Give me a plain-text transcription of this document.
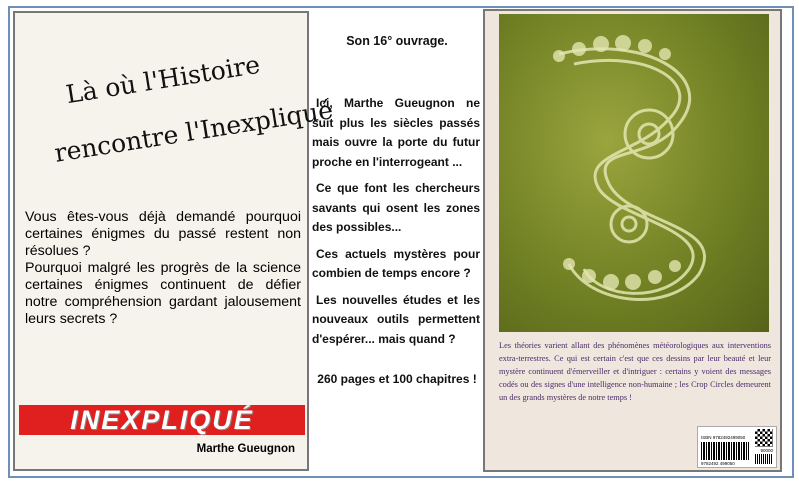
Là où l'Histoire
rencontre l'Inexpliqué

Vous êtes-vous déjà demandé pourquoi certaines énigmes du passé restent non résolues ?

Pourquoi malgré les progrès de la science certaines énigmes continuent de défier notre compréhension gardant jalousement leurs secrets ?

INEXPLIQUÉ
Marthe Gueugnon
Son 16° ouvrage.

Ici, Marthe Gueugnon ne suit plus les siècles passés mais ouvre la porte du futur proche en l'interrogeant ...

Ce que font les chercheurs savants qui osent les zones des possibles...

Ces actuels mystères pour combien de temps encore ?

Les nouvelles études et les nouveaux outils permettent d'espérer... mais quand ?

260 pages et 100 chapitres !
Les théories varient allant des phénomènes météorologiques aux interventions extra-terrestres. Ce qui est certain c'est que ces dessins par leur beauté et leur mystère continuent d'émerveiller et d'intriguer : certains y voient des messages codés ou des signes d'une intelligence non-humaine ; les Crop Circles demeurent un des grands mystères de notre temps !
ISBN 9782492499050
90000
9782492 499050
